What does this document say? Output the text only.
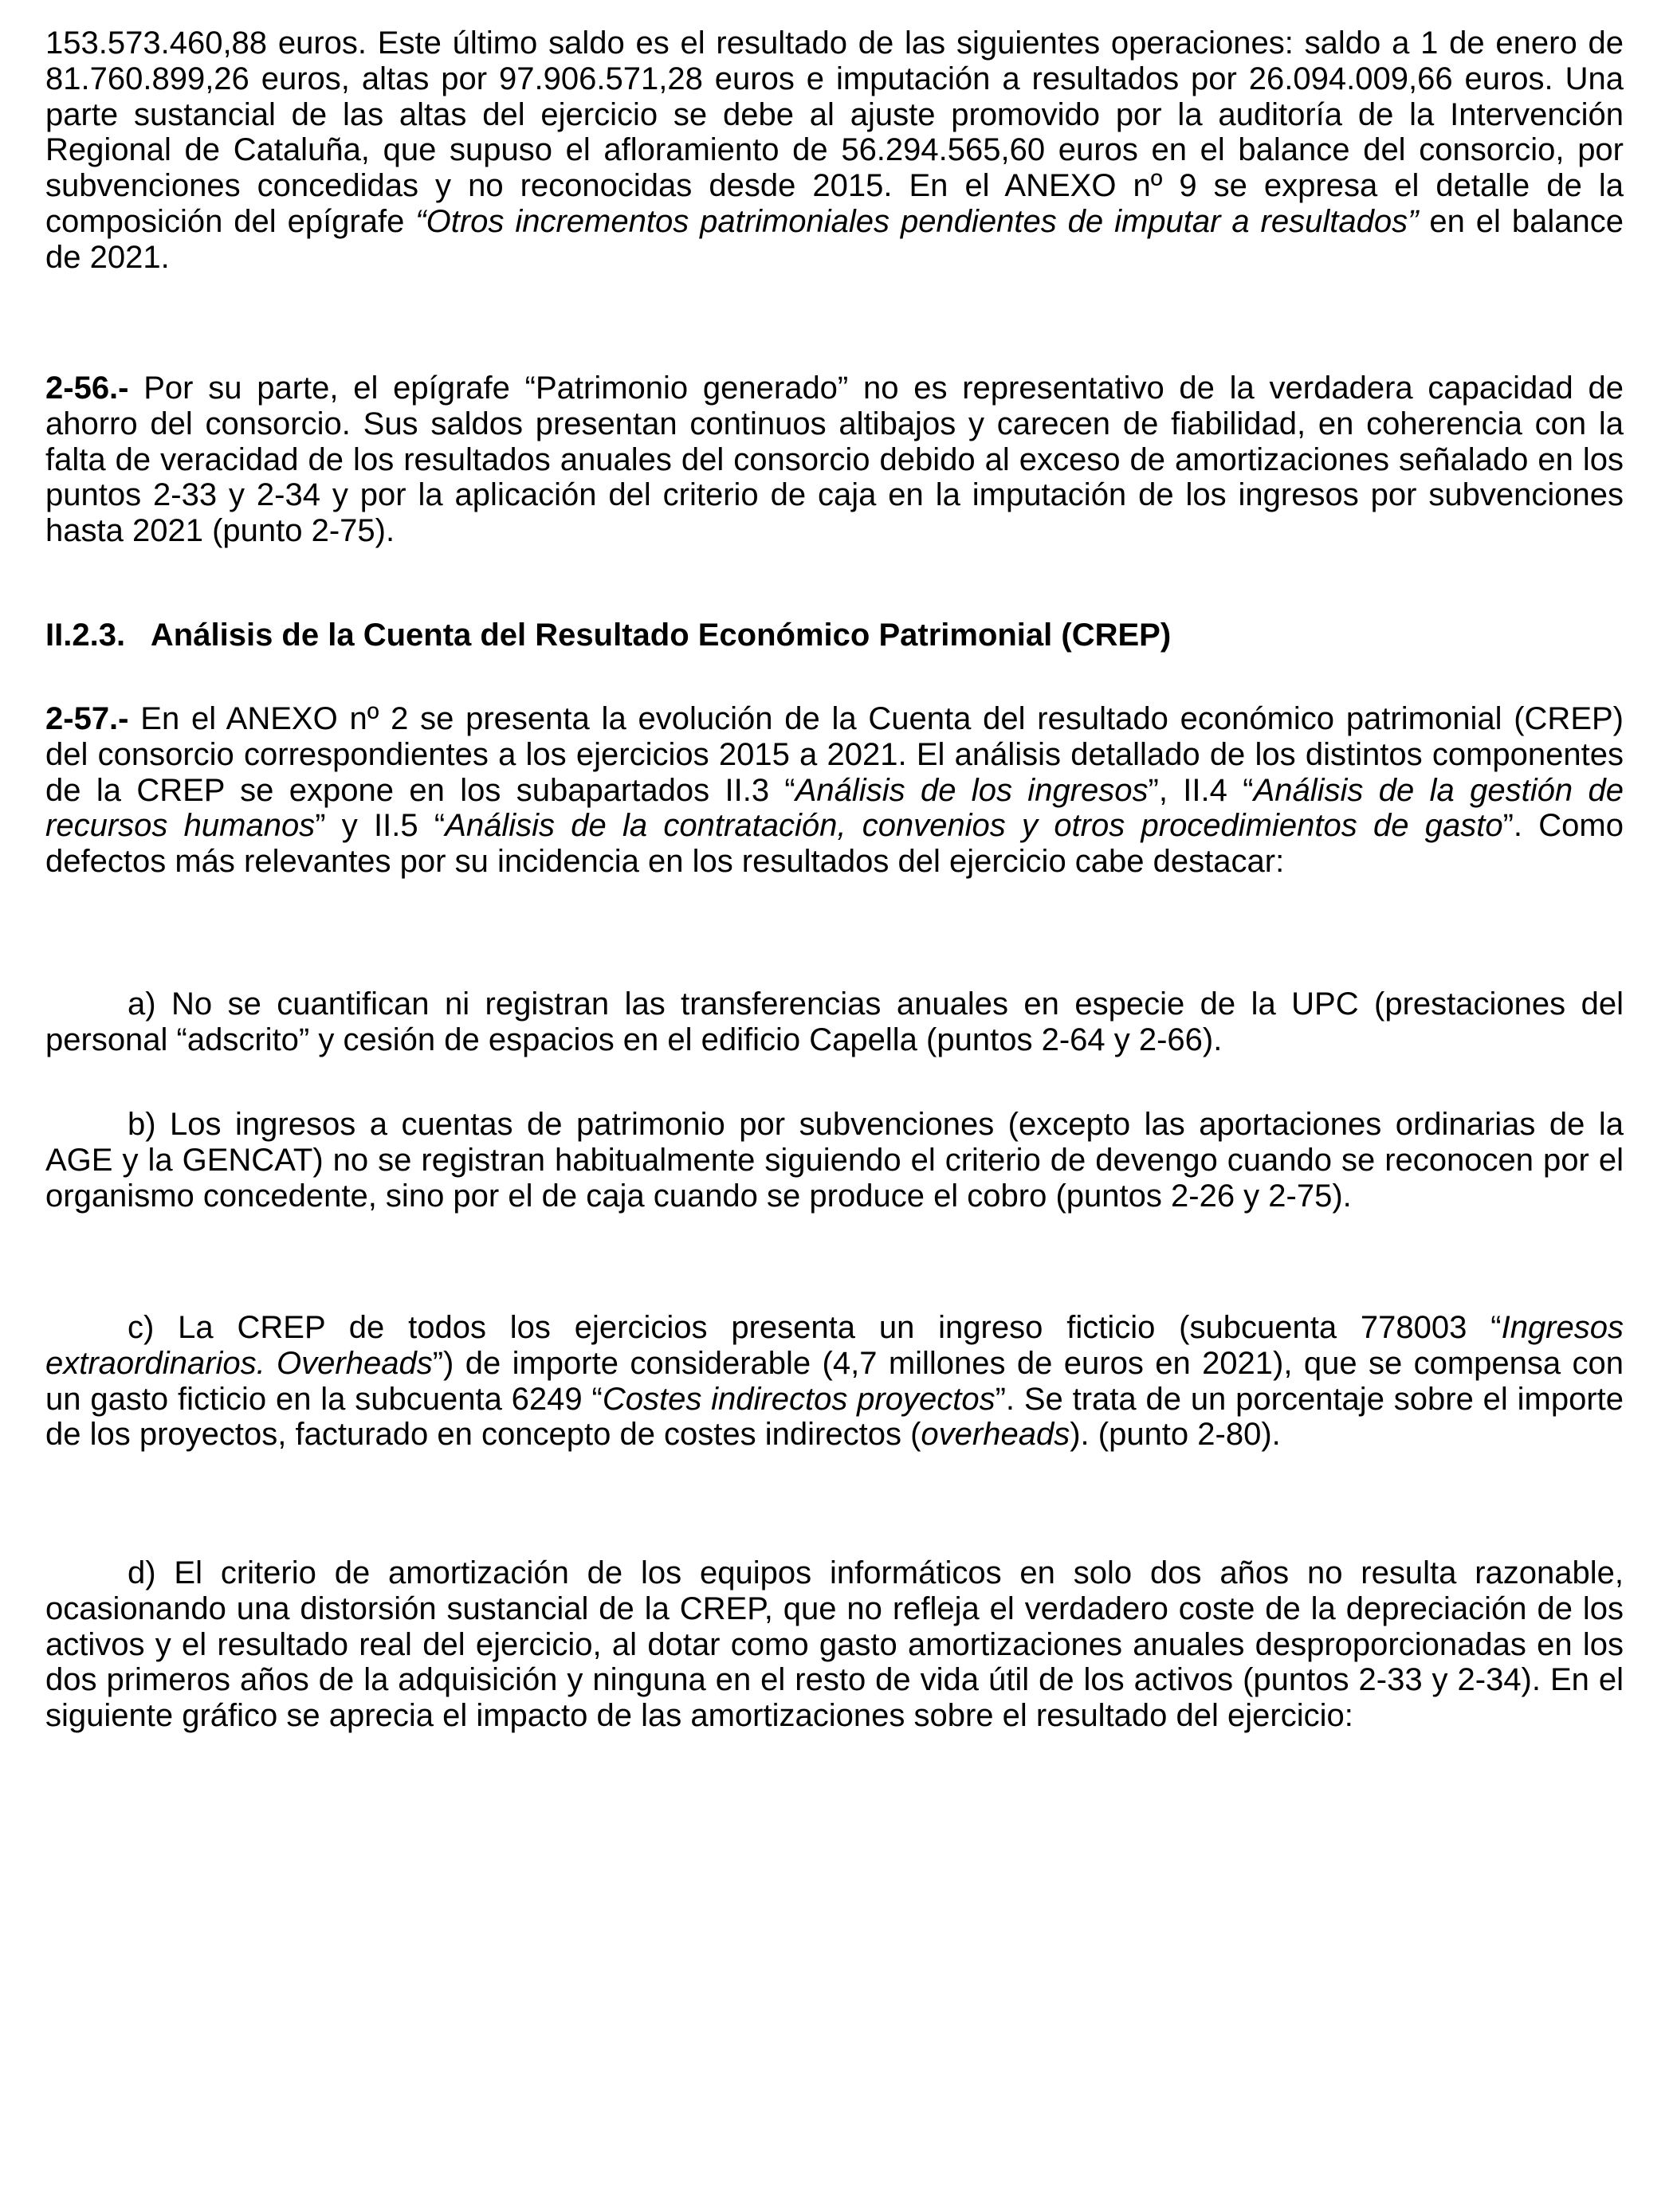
153.573.460,88 euros. Este último saldo es el resultado de las siguientes operaciones: saldo a 1 de enero de 81.760.899,26 euros, altas por 97.906.571,28 euros e imputación a resultados por 26.094.009,66 euros. Una parte sustancial de las altas del ejercicio se debe al ajuste promovido por la auditoría de la Intervención Regional de Cataluña, que supuso el afloramiento de 56.294.565,60 euros en el balance del consorcio, por subvenciones concedidas y no reconocidas desde 2015. En el ANEXO nº 9 se expresa el detalle de la composición del epígrafe “Otros incrementos patrimoniales pendientes de imputar a resultados” en el balance de 2021.

2-56.- Por su parte, el epígrafe “Patrimonio generado” no es representativo de la verdadera capacidad de ahorro del consorcio. Sus saldos presentan continuos altibajos y carecen de fiabilidad, en coherencia con la falta de veracidad de los resultados anuales del consorcio debido al exceso de amortizaciones señalado en los puntos 2-33 y 2-34 y por la aplicación del criterio de caja en la imputación de los ingresos por subvenciones hasta 2021 (punto 2-75).

II.2.3.   Análisis de la Cuenta del Resultado Económico Patrimonial (CREP)

2-57.- En el ANEXO nº 2 se presenta la evolución de la Cuenta del resultado económico patrimonial (CREP) del consorcio correspondientes a los ejercicios 2015 a 2021. El análisis detallado de los distintos componentes de la CREP se expone en los subapartados II.3 “Análisis de los ingresos”, II.4 “Análisis de la gestión de recursos humanos” y II.5 “Análisis de la contratación, convenios y otros procedimientos de gasto”. Como defectos más relevantes por su incidencia en los resultados del ejercicio cabe destacar:

a) No se cuantifican ni registran las transferencias anuales en especie de la UPC (prestaciones del personal “adscrito” y cesión de espacios en el edificio Capella (puntos 2-64 y 2-66).

b) Los ingresos a cuentas de patrimonio por subvenciones (excepto las aportaciones ordinarias de la AGE y la GENCAT) no se registran habitualmente siguiendo el criterio de devengo cuando se reconocen por el organismo concedente, sino por el de caja cuando se produce el cobro (puntos 2-26 y 2-75).

c) La CREP de todos los ejercicios presenta un ingreso ficticio (subcuenta 778003 “Ingresos extraordinarios. Overheads”) de importe considerable (4,7 millones de euros en 2021), que se compensa con un gasto ficticio en la subcuenta 6249 “Costes indirectos proyectos”. Se trata de un porcentaje sobre el importe de los proyectos, facturado en concepto de costes indirectos (overheads). (punto 2-80).

d) El criterio de amortización de los equipos informáticos en solo dos años no resulta razonable, ocasionando una distorsión sustancial de la CREP, que no refleja el verdadero coste de la depreciación de los activos y el resultado real del ejercicio, al dotar como gasto amortizaciones anuales desproporcionadas en los dos primeros años de la adquisición y ninguna en el resto de vida útil de los activos (puntos 2-33 y 2-34). En el siguiente gráfico se aprecia el impacto de las amortizaciones sobre el resultado del ejercicio:
